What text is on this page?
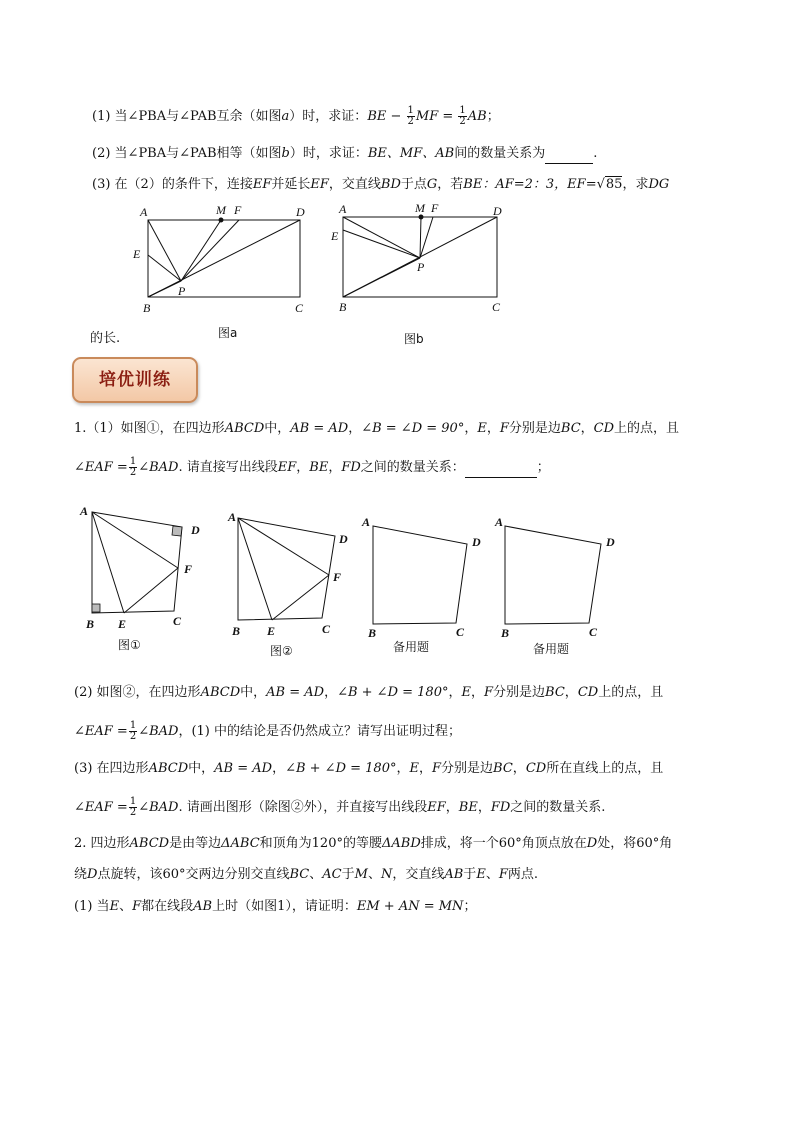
(1) 当∠PBA与∠PAB互余（如图a）时，求证：BE − $\frac{1}{2}$ MF = $\frac{1}{2}$ AB；
(2) 当∠PBA与∠PAB相等（如图b）时，求证：BE、MF、AB间的数量关系为	.
(3) 在（2）的条件下，连接EF并延长EF，交直线BD于点G，若BE：AF=2：3，EF=√85，求DG
的长.
A	M F	D
E
P
B	C
图a
A	M F	D
E
P
B	C
图b
培优训练
1.（1）如图①，在四边形ABCD中，AB = AD，∠B = ∠D = 90°，E，F分别是边BC，CD上的点，且
∠EAF = $\frac{1}{2}$ ∠BAD. 请直接写出线段EF，BE，FD之间的数量关系：	；
A
D
F
B E	C
图①
A
D
F
B E	C
图②
A
D
B	C
备用题
A
D
B	C
备用题
(2) 如图②，在四边形ABCD中，AB = AD，∠B + ∠D = 180°，E，F分别是边BC，CD上的点，且
∠EAF = $\frac{1}{2}$ ∠BAD，(1) 中的结论是否仍然成立？请写出证明过程；
(3) 在四边形ABCD中，AB = AD，∠B + ∠D = 180°，E，F分别是边BC，CD所在直线上的点，且
∠EAF = $\frac{1}{2}$ ∠BAD. 请画出图形（除图②外），并直接写出线段EF，BE，FD之间的数量关系.
2. 四边形ABCD是由等边ΔABC和顶角为120°的等腰ΔABD排成，将一个60°角顶点放在D处，将60°角
绕D点旋转，该60°交两边分别交直线BC、AC于M、N，交直线AB于E、F两点.
(1) 当E、F都在线段AB上时（如图1），请证明：EM + AN = MN；
